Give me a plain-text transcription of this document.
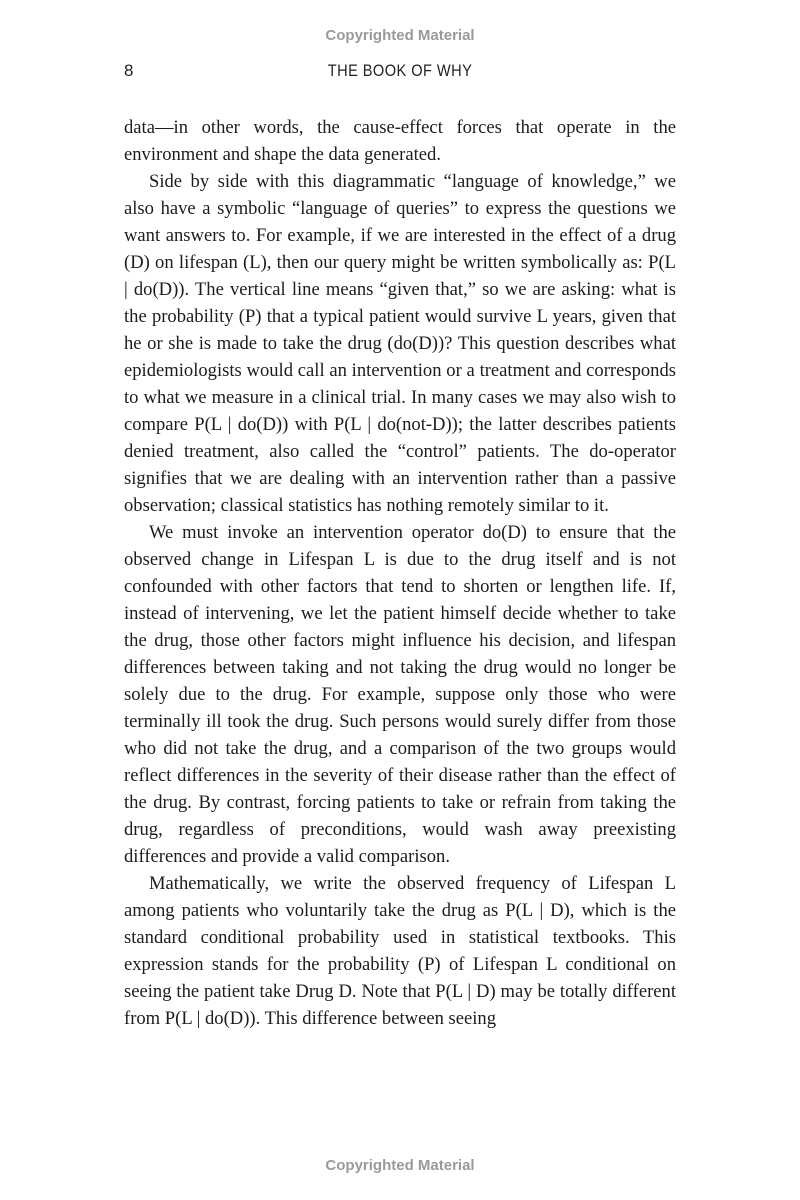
Copyrighted Material
8	THE BOOK OF WHY

data—in other words, the cause-effect forces that operate in the environment and shape the data generated.

Side by side with this diagrammatic “language of knowledge,” we also have a symbolic “language of queries” to express the questions we want answers to. For example, if we are interested in the effect of a drug (D) on lifespan (L), then our query might be written symbolically as: P(L | do(D)). The vertical line means “given that,” so we are asking: what is the probability (P) that a typical patient would survive L years, given that he or she is made to take the drug (do(D))? This question describes what epidemiologists would call an intervention or a treatment and corresponds to what we measure in a clinical trial. In many cases we may also wish to compare P(L | do(D)) with P(L | do(not-D)); the latter describes patients denied treatment, also called the “control” patients. The do-operator signifies that we are dealing with an intervention rather than a passive observation; classical statistics has nothing remotely similar to it.

We must invoke an intervention operator do(D) to ensure that the observed change in Lifespan L is due to the drug itself and is not confounded with other factors that tend to shorten or lengthen life. If, instead of intervening, we let the patient himself decide whether to take the drug, those other factors might influence his decision, and lifespan differences between taking and not taking the drug would no longer be solely due to the drug. For example, suppose only those who were terminally ill took the drug. Such persons would surely differ from those who did not take the drug, and a comparison of the two groups would reflect differences in the severity of their disease rather than the effect of the drug. By contrast, forcing patients to take or refrain from taking the drug, regardless of preconditions, would wash away preexisting differences and provide a valid comparison.

Mathematically, we write the observed frequency of Lifespan L among patients who voluntarily take the drug as P(L | D), which is the standard conditional probability used in statistical textbooks. This expression stands for the probability (P) of Lifespan L conditional on seeing the patient take Drug D. Note that P(L | D) may be totally different from P(L | do(D)). This difference between seeing

Copyrighted Material
